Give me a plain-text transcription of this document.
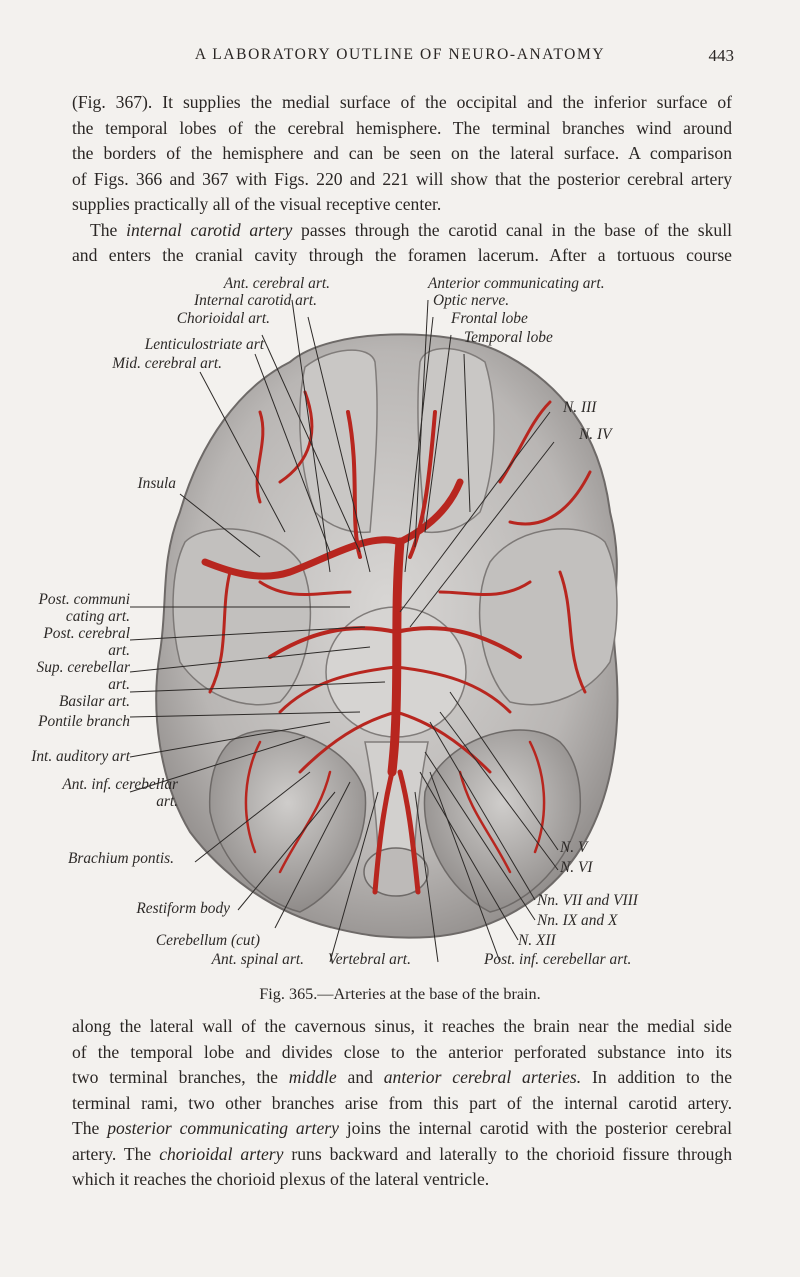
A LABORATORY OUTLINE OF NEURO-ANATOMY	443
(Fig. 367). It supplies the medial surface of the occipital and the inferior surface of
the temporal lobes of the cerebral hemisphere. The terminal branches wind around
the borders of the hemisphere and can be seen on the lateral surface. A comparison
of Figs. 366 and 367 with Figs. 220 and 221 will show that the posterior cerebral artery
supplies practically all of the visual receptive center.
The internal carotid artery passes through the carotid canal in the base of the skull
and enters the cranial cavity through the foramen lacerum. After a tortuous course
Ant. cerebral art.
Internal carotid art.
Chorioidal art.
Lenticulostriate art
Mid. cerebral art.
Insula
Anterior communicating art.
Optic nerve.
Frontal lobe
Temporal lobe
N. III
N. IV
Post. communi
cating art.
Post. cerebral
art.
Sup. cerebellar
art.
Basilar art.
Pontile branch
Int. auditory art
Ant. inf. cerebellar
art.
Brachium pontis.
Restiform body
Cerebellum (cut)
Ant. spinal art. Vertebral art.	Post. inf. cerebellar art.
N. V
N. VI
Nn. VII and VIII
Nn. IX and X
N. XII
Fig. 365.—Arteries at the base of the brain.
along the lateral wall of the cavernous sinus, it reaches the brain near the medial side
of the temporal lobe and divides close to the anterior perforated substance into its
two terminal branches, the middle and anterior cerebral arteries. In addition to the
terminal rami, two other branches arise from this part of the internal carotid artery.
The posterior communicating artery joins the internal carotid with the posterior cerebral
artery. The chorioidal artery runs backward and laterally to the chorioid fissure through
which it reaches the chorioid plexus of the lateral ventricle.
